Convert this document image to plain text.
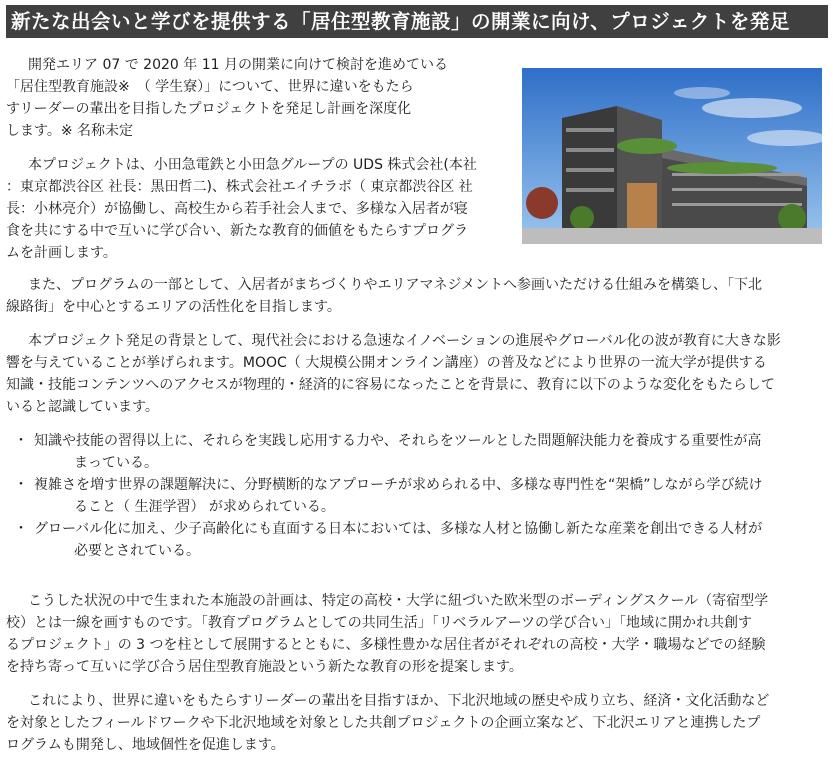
新たな出会いと学びを提供する「居住型教育施設」の開業に向け、プロジェクトを発足
開発エリア 07 で 2020 年 11 月の開業に向けて検討を進めている
「居住型教育施設※　（ 学生寮）」について、世界に違いをもたら
すリーダーの輩出を目指したプロジェクトを発足し計画を深度化
します。※ 名称未定
本プロジェクトは、小田急電鉄と小田急グループの UDS 株式会社(本社
：東京都渋谷区 社長：黒田哲二)、株式会社エイチラボ（ 東京都渋谷区 社
長：小林亮介）が協働し、高校生から若手社会人まで、多様な入居者が寝
食を共にする中で互いに学び合い、新たな教育的価値をもたらすプログラ
ムを計画します。
また、プログラムの一部として、入居者がまちづくりやエリアマネジメントへ参画いただける仕組みを構築し、「下北
線路街」を中心とするエリアの活性化を目指します。
本プロジェクト発足の背景として、現代社会における急速なイノベーションの進展やグローバル化の波が教育に大きな影
響を与えていることが挙げられます。MOOC（ 大規模公開オンライン講座）の普及などにより世界の一流大学が提供する
知識・技能コンテンツへのアクセスが物理的・経済的に容易になったことを背景に、教育に以下のような変化をもたらして
いると認識しています。
・ 知識や技能の習得以上に、それらを実践し応用する力や、それらをツールとした問題解決能力を養成する重要性が高
まっている。
・ 複雑さを増す世界の課題解決に、分野横断的なアプローチが求められる中、多様な専門性を“架橋”しながら学び続け
ること（ 生涯学習） が求められている。
・ グローバル化に加え、少子高齢化にも直面する日本においては、多様な人材と協働し新たな産業を創出できる人材が
必要とされている。
こうした状況の中で生まれた本施設の計画は、特定の高校・大学に紐づいた欧米型のボーディングスクール（寄宿型学
校）とは一線を画すものです。「教育プログラムとしての共同生活」「リベラルアーツの学び合い」「地域に開かれ共創す
るプロジェクト」の 3 つを柱として展開するとともに、多様性豊かな居住者がそれぞれの高校・大学・職場などでの経験
を持ち寄って互いに学び合う居住型教育施設という新たな教育の形を提案します。
これにより、世界に違いをもたらすリーダーの輩出を目指すほか、下北沢地域の歴史や成り立ち、経済・文化活動など
を対象としたフィールドワークや下北沢地域を対象とした共創プロジェクトの企画立案など、下北沢エリアと連携したプ
ログラムも開発し、地域個性を促進します。
